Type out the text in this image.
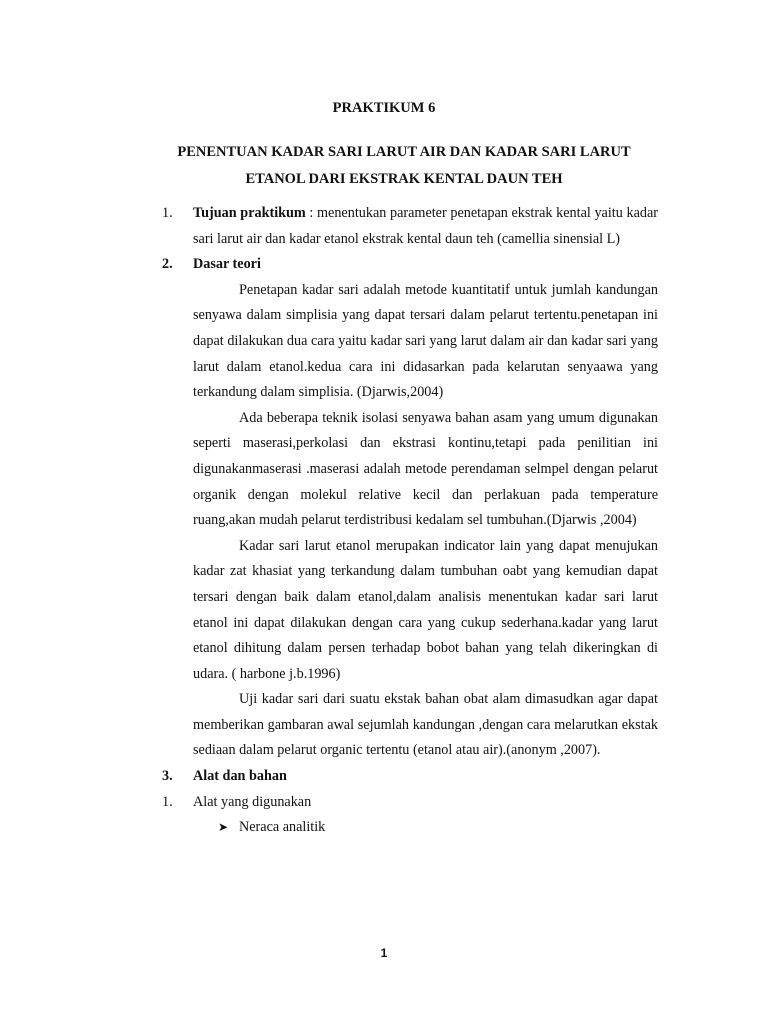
PRAKTIKUM 6
PENENTUAN KADAR SARI LARUT AIR DAN KADAR SARI LARUT ETANOL DARI EKSTRAK KENTAL DAUN TEH
1. Tujuan praktikum : menentukan parameter penetapan ekstrak kental yaitu kadar sari larut air dan kadar etanol ekstrak kental daun teh (camellia sinensial L)
2. Dasar teori
Penetapan kadar sari adalah metode kuantitatif untuk jumlah kandungan senyawa dalam simplisia yang dapat tersari dalam pelarut tertentu.penetapan ini dapat dilakukan dua cara yaitu kadar sari yang larut dalam air dan kadar sari yang larut dalam etanol.kedua cara ini didasarkan pada kelarutan senyaawa yang terkandung dalam simplisia. (Djarwis,2004)
Ada beberapa teknik isolasi senyawa bahan asam yang umum digunakan seperti maserasi,perkolasi dan ekstrasi kontinu,tetapi pada penilitian ini digunakanmaserasi .maserasi adalah metode perendaman selmpel dengan pelarut organik dengan molekul relative kecil dan perlakuan pada temperature ruang,akan mudah pelarut terdistribusi kedalam sel tumbuhan.(Djarwis ,2004)
Kadar sari larut etanol merupakan indicator lain yang dapat menujukan kadar zat khasiat yang terkandung dalam tumbuhan oabt yang kemudian dapat tersari dengan baik dalam etanol,dalam analisis menentukan kadar sari larut etanol ini dapat dilakukan dengan cara yang cukup sederhana.kadar yang larut etanol dihitung dalam persen terhadap bobot bahan yang telah dikeringkan di udara. ( harbone j.b.1996)
Uji kadar sari dari suatu ekstak bahan obat alam dimasudkan agar dapat memberikan gambaran awal sejumlah kandungan ,dengan cara melarutkan ekstak sediaan dalam pelarut organic tertentu (etanol atau air).(anonym ,2007).
3. Alat dan bahan
1. Alat yang digunakan
➤ Neraca analitik
1
